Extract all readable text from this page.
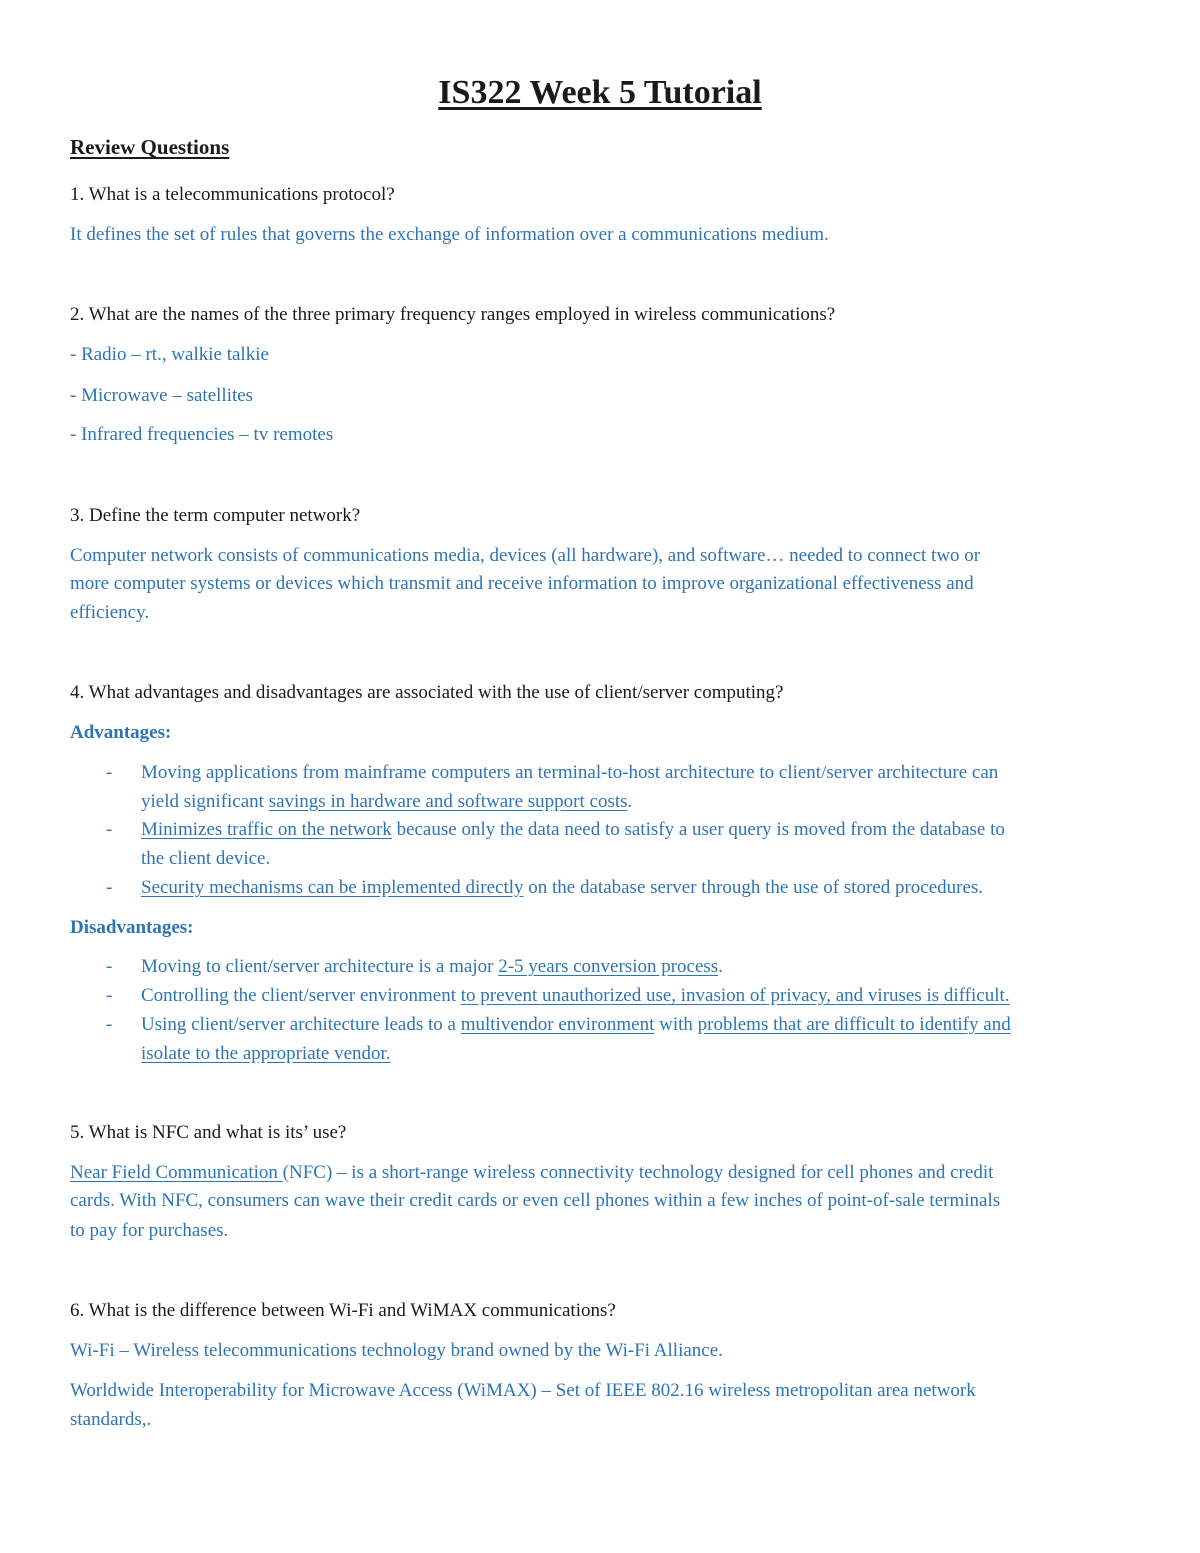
IS322 Week 5 Tutorial
Review Questions
1. What is a telecommunications protocol?
It defines the set of rules that governs the exchange of information over a communications medium.
2. What are the names of the three primary frequency ranges employed in wireless communications?
- Radio – rt., walkie talkie
- Microwave – satellites
- Infrared frequencies – tv remotes
3. Define the term computer network?
Computer network consists of communications media, devices (all hardware), and software… needed to connect two or
more computer systems or devices which transmit and receive information to improve organizational effectiveness and
efficiency.
4. What advantages and disadvantages are associated with the use of client/server computing?
Advantages:
- Moving applications from mainframe computers an terminal-to-host architecture to client/server architecture can
yield significant savings in hardware and software support costs.
- Minimizes traffic on the network because only the data need to satisfy a user query is moved from the database to
the client device.
- Security mechanisms can be implemented directly on the database server through the use of stored procedures.
Disadvantages:
- Moving to client/server architecture is a major 2-5 years conversion process.
- Controlling the client/server environment to prevent unauthorized use, invasion of privacy, and viruses is difficult.
- Using client/server architecture leads to a multivendor environment with problems that are difficult to identify and
isolate to the appropriate vendor.
5. What is NFC and what is its’ use?
Near Field Communication (NFC) – is a short-range wireless connectivity technology designed for cell phones and credit
cards. With NFC, consumers can wave their credit cards or even cell phones within a few inches of point-of-sale terminals
to pay for purchases.
6. What is the difference between Wi-Fi and WiMAX communications?
Wi-Fi – Wireless telecommunications technology brand owned by the Wi-Fi Alliance.
Worldwide Interoperability for Microwave Access (WiMAX) – Set of IEEE 802.16 wireless metropolitan area network
standards,.
